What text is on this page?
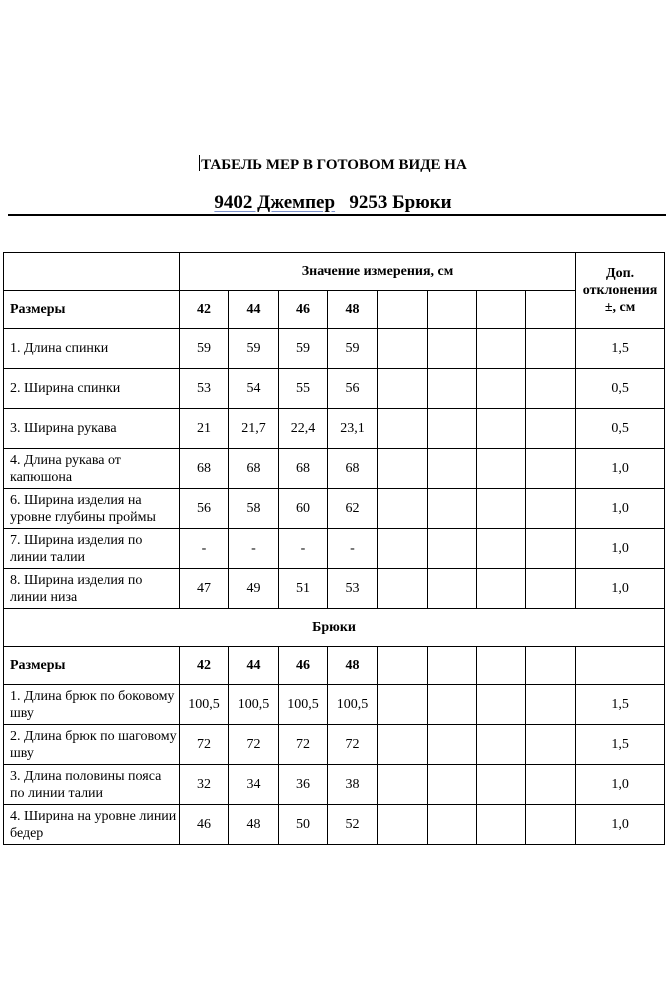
ТАБЕЛЬ МЕР В ГОТОВОМ ВИДЕ НА
9402 Джемпер 9253 Брюки
	Значение измерения, см								Доп. отклонения ±, см
Размеры	42	44	46	48					
1. Длина спинки	59	59	59	59					1,5
2. Ширина спинки	53	54	55	56					0,5
3. Ширина рукава	21	21,7	22,4	23,1					0,5
4. Длина рукава от капюшона	68	68	68	68					1,0
6. Ширина изделия на уровне глубины проймы	56	58	60	62					1,0
7. Ширина изделия по линии талии	-	-	-	-					1,0
8. Ширина изделия по линии низа	47	49	51	53					1,0
Брюки									
Размеры	42	44	46	48					
1. Длина брюк по боковому шву	100,5	100,5	100,5	100,5					1,5
2. Длина брюк по шаговому шву	72	72	72	72					1,5
3. Длина половины пояса по линии талии	32	34	36	38					1,0
4. Ширина на уровне линии бедер	46	48	50	52					1,0
